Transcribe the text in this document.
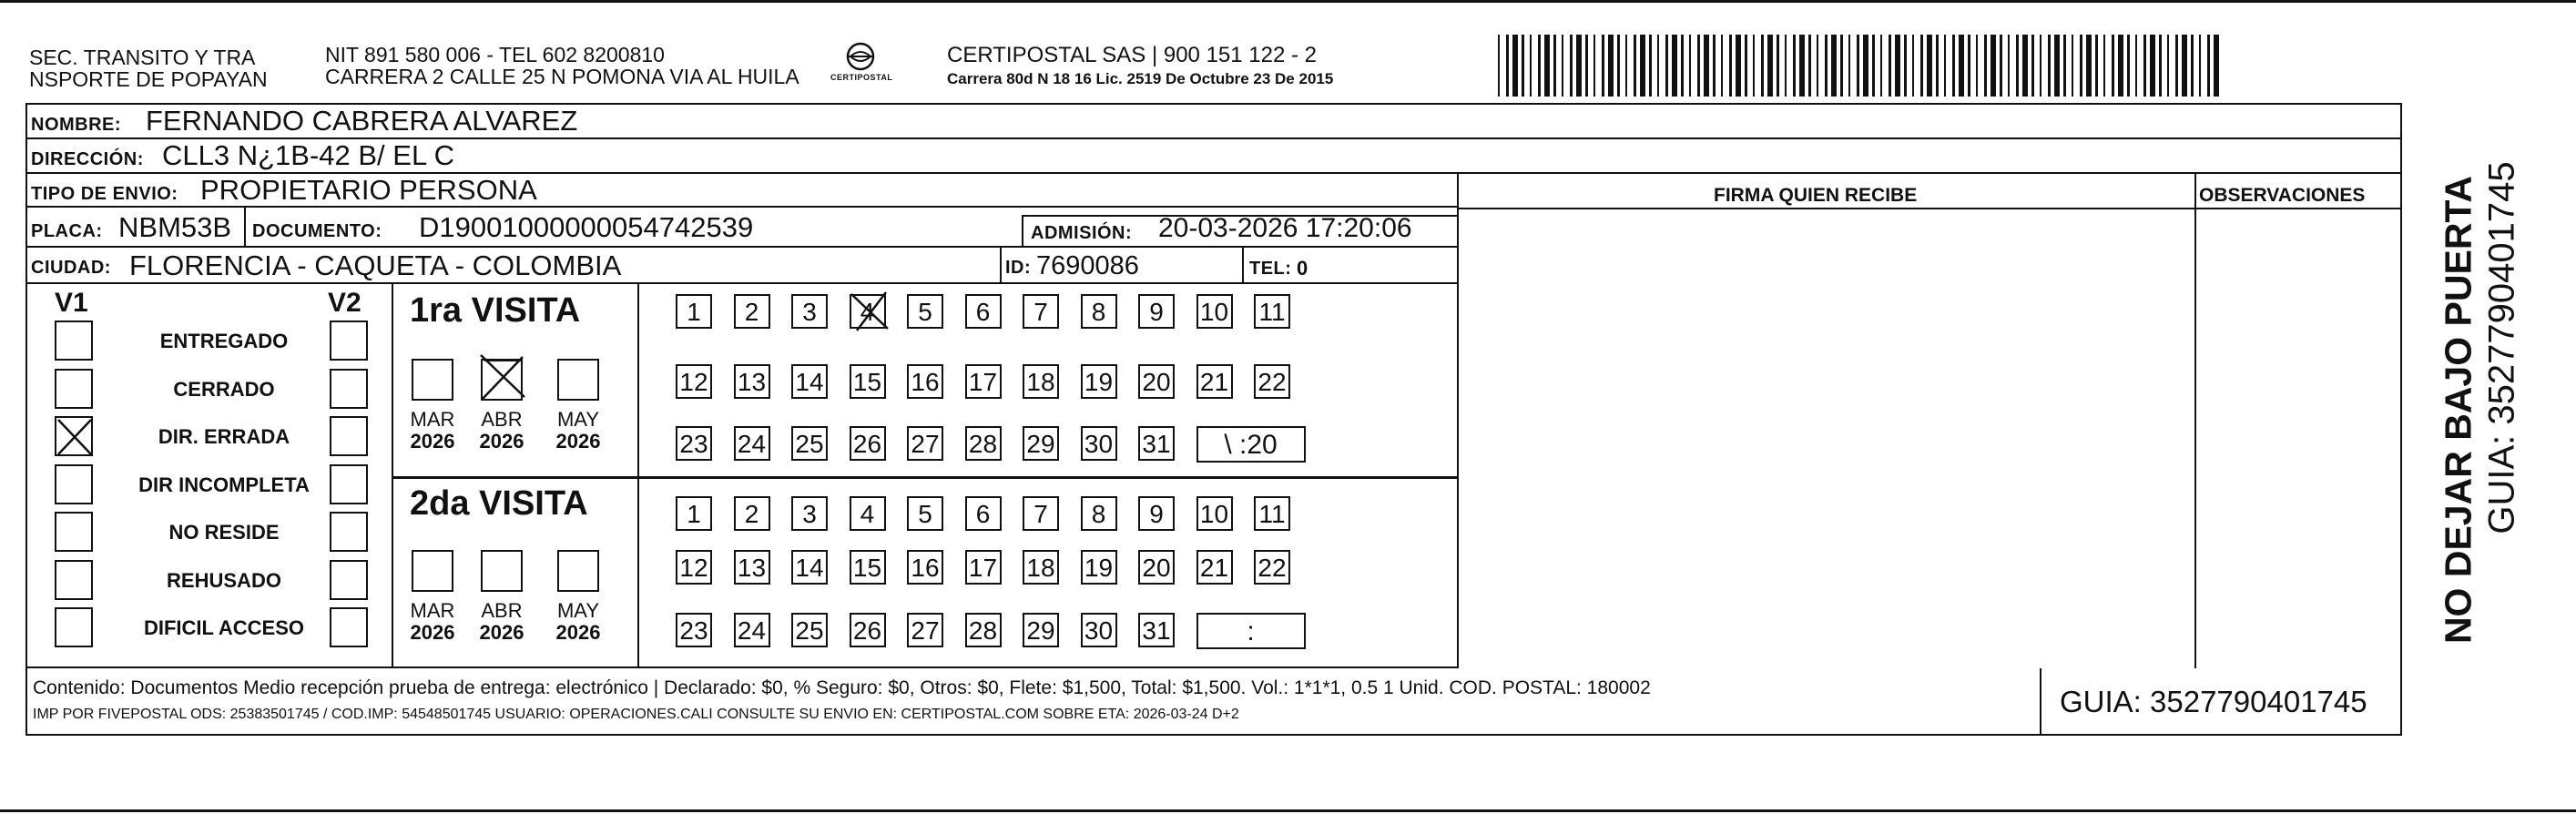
SEC. TRANSITO Y TRA
NSPORTE DE POPAYAN
NIT 891 580 006 - TEL 602 8200810
CARRERA 2 CALLE 25 N POMONA VIA AL HUILA	CERTIPOSTAL
CERTIPOSTAL SAS | 900 151 122 - 2
Carrera 80d N 18 16 Lic. 2519 De Octubre 23 De 2015
NOMBRE: FERNANDO CABRERA ALVAREZ
DIRECCIÓN: CLL3 N¿1B-42 B/ EL C
TIPO DE ENVIO: PROPIETARIO PERSONA
PLACA: NBM53B DOCUMENTO: D19001000000054742539	ADMISIÓN: 20-03-2026 17:20:06
CIUDAD: FLORENCIA - CAQUETA - COLOMBIA	ID: 7690086	TEL: 0
FIRMA QUIEN RECIBE	OBSERVACIONES
V1	V2
ENTREGADO
CERRADO
DIR. ERRADA
DIR INCOMPLETA
NO RESIDE
REHUSADO
DIFICIL ACCESO
1ra VISITA
MAR
2026
ABR
2026
MAY
2026
1	2	3	4	5	6	7	8	9	10 11
12 13 14 15 16 17 18 19 20 21 22
23 24 25 26 27 28 29 30 31	\ :20
2da VISITA
MAR
2026
ABR
2026
MAY
2026
1	2	3	4	5	6	7	8	9	10 11
12 13 14 15 16 17 18 19 20 21 22
23 24 25 26 27 28 29 30 31	:
Contenido: Documentos Medio recepción prueba de entrega: electrónico | Declarado: $0, % Seguro: $0, Otros: $0, Flete: $1,500, Total: $1,500. Vol.: 1*1*1, 0.5 1 Unid. COD. POSTAL: 180002
IMP POR FIVEPOSTAL ODS: 25383501745 / COD.IMP: 54548501745 USUARIO: OPERACIONES.CALI CONSULTE SU ENVIO EN: CERTIPOSTAL.COM SOBRE ETA: 2026-03-24 D+2	GUIA: 3527790401745
NO DEJAR BAJO PUERTA GUIA: 3527790401745
